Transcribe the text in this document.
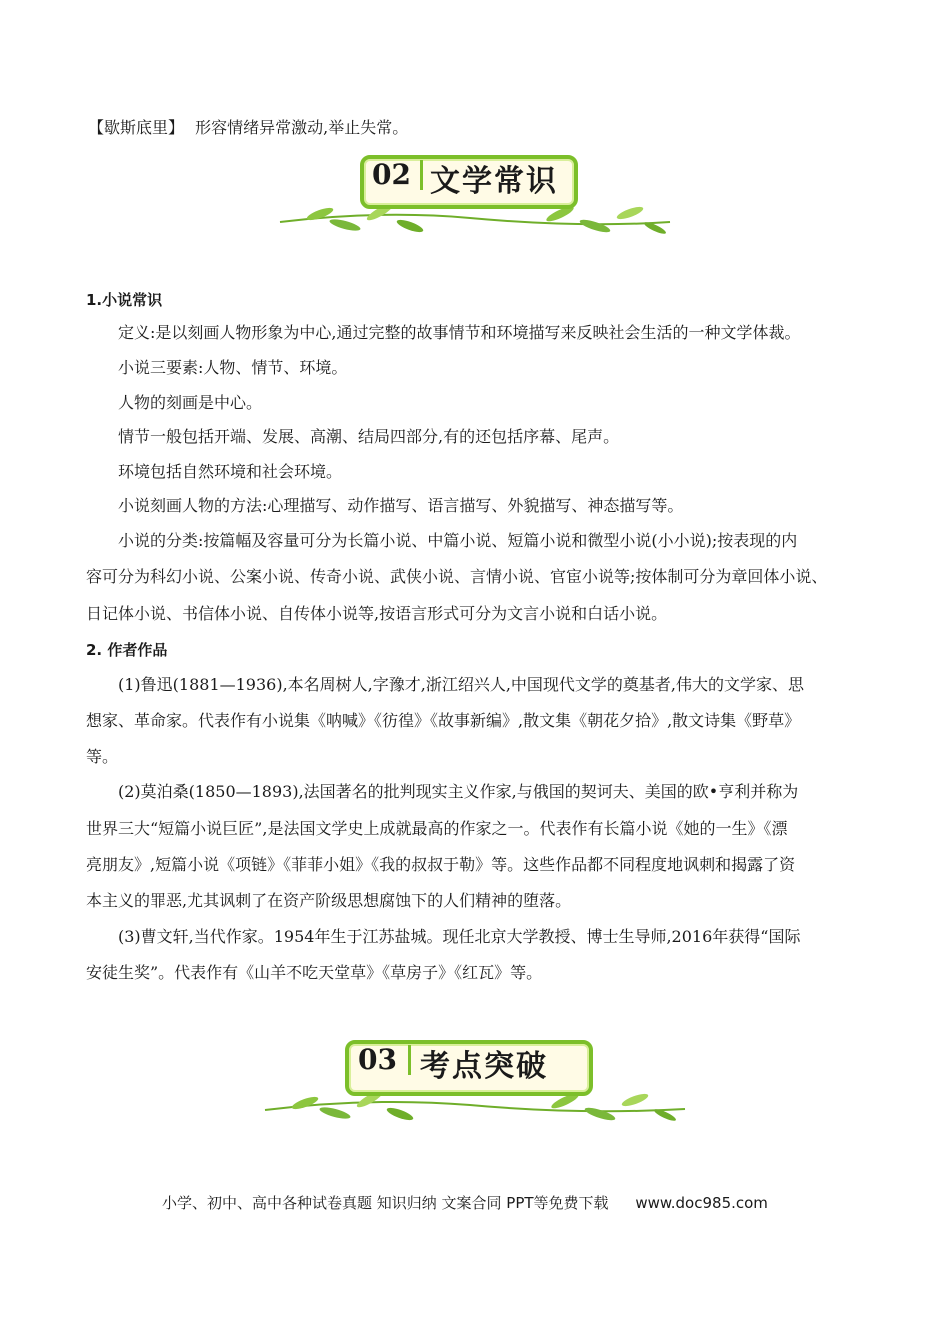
【歇斯底里】 形容情绪异常激动,举止失常。
02 文学常识
1.小说常识
定义:是以刻画人物形象为中心,通过完整的故事情节和环境描写来反映社会生活的一种文学体裁。
小说三要素:人物、情节、环境。
人物的刻画是中心。
情节一般包括开端、发展、高潮、结局四部分,有的还包括序幕、尾声。
环境包括自然环境和社会环境。
小说刻画人物的方法:心理描写、动作描写、语言描写、外貌描写、神态描写等。
小说的分类:按篇幅及容量可分为长篇小说、中篇小说、短篇小说和微型小说(小小说);按表现的内
容可分为科幻小说、公案小说、传奇小说、武侠小说、言情小说、官宦小说等;按体制可分为章回体小说、
日记体小说、书信体小说、自传体小说等,按语言形式可分为文言小说和白话小说。
2. 作者作品
(1)鲁迅(1881—1936),本名周树人,字豫才,浙江绍兴人,中国现代文学的奠基者,伟大的文学家、思
想家、革命家。代表作有小说集《呐喊》《彷徨》《故事新编》,散文集《朝花夕拾》,散文诗集《野草》
等。
(2)莫泊桑(1850—1893),法国著名的批判现实主义作家,与俄国的契诃夫、美国的欧•亨利并称为
世界三大“短篇小说巨匠”,是法国文学史上成就最高的作家之一。代表作有长篇小说《她的一生》《漂
亮朋友》,短篇小说《项链》《菲菲小姐》《我的叔叔于勒》等。这些作品都不同程度地讽刺和揭露了资
本主义的罪恶,尤其讽刺了在资产阶级思想腐蚀下的人们精神的堕落。
(3)曹文轩,当代作家。1954年生于江苏盐城。现任北京大学教授、博士生导师,2016年获得“国际
安徒生奖”。代表作有《山羊不吃天堂草》《草房子》《红瓦》等。
03 考点突破
小学、初中、高中各种试卷真题 知识归纳 文案合同 PPT等免费下载 www.doc985.com
